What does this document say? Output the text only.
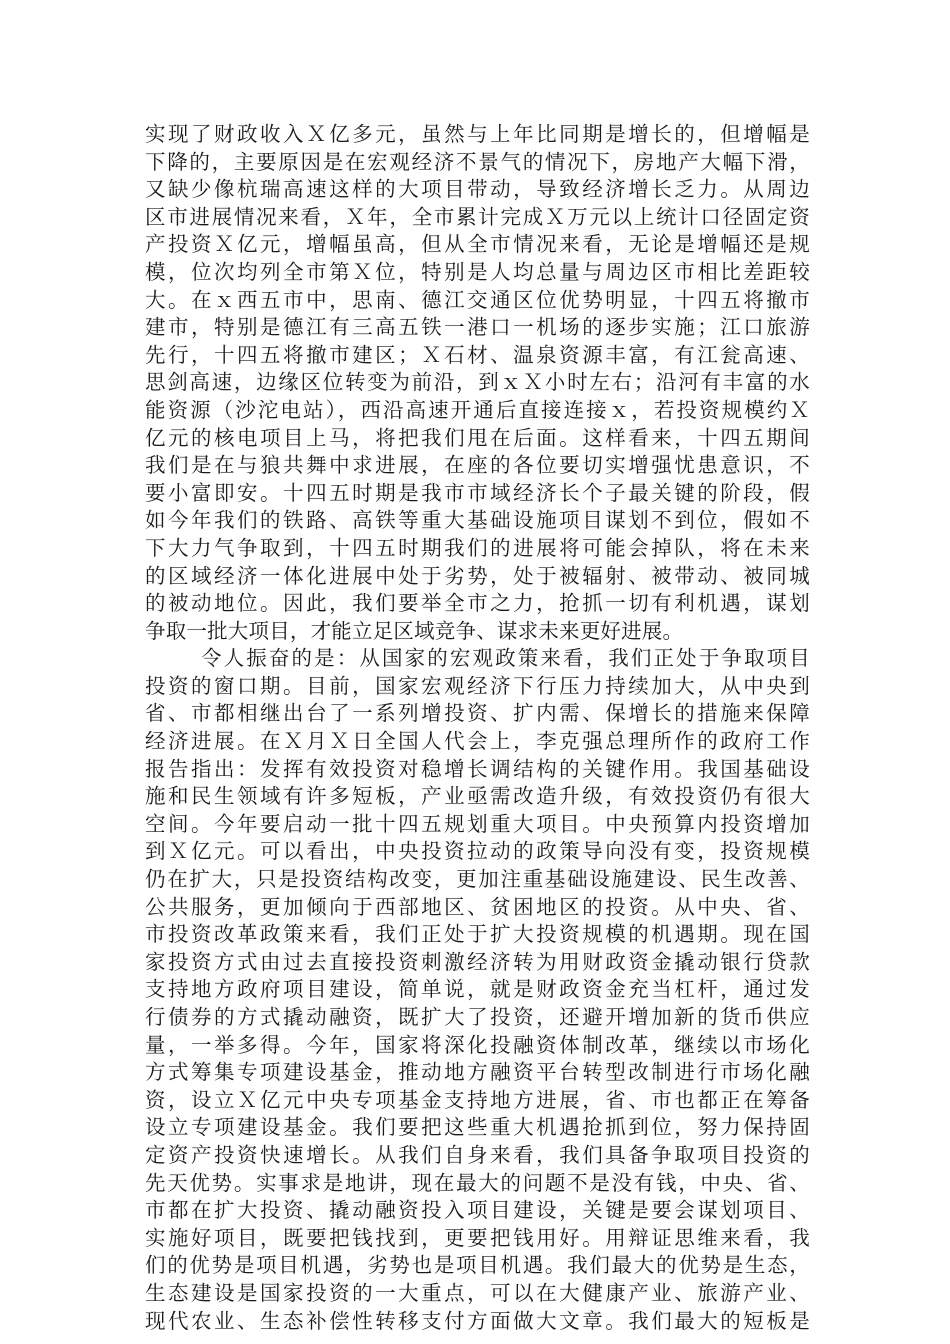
实现了财政收入Ｘ亿多元，虽然与上年比同期是增长的，但增幅是
下降的，主要原因是在宏观经济不景气的情况下，房地产大幅下滑，
又缺少像杭瑞高速这样的大项目带动，导致经济增长乏力。从周边
区市进展情况来看，Ｘ年，全市累计完成Ｘ万元以上统计口径固定资
产投资Ｘ亿元，增幅虽高，但从全市情况来看，无论是增幅还是规
模，位次均列全市第Ｘ位，特别是人均总量与周边区市相比差距较
大。在ｘ西五市中，思南、德江交通区位优势明显，十四五将撤市
建市，特别是德江有三高五铁一港口一机场的逐步实施；江口旅游
先行，十四五将撤市建区；Ｘ石材、温泉资源丰富，有江瓮高速、
思剑高速，边缘区位转变为前沿，到ｘＸ小时左右；沿河有丰富的水
能资源（沙沱电站），西沿高速开通后直接连接ｘ，若投资规模约Ｘ
亿元的核电项目上马，将把我们甩在后面。这样看来，十四五期间
我们是在与狼共舞中求进展，在座的各位要切实增强忧患意识，不
要小富即安。十四五时期是我市市域经济长个子最关键的阶段，假
如今年我们的铁路、高铁等重大基础设施项目谋划不到位，假如不
下大力气争取到，十四五时期我们的进展将可能会掉队，将在未来
的区域经济一体化进展中处于劣势，处于被辐射、被带动、被同城
的被动地位。因此，我们要举全市之力，抢抓一切有利机遇，谋划
争取一批大项目，才能立足区域竞争、谋求未来更好进展。
令人振奋的是：从国家的宏观政策来看，我们正处于争取项目
投资的窗口期。目前，国家宏观经济下行压力持续加大，从中央到
省、市都相继出台了一系列增投资、扩内需、保增长的措施来保障
经济进展。在Ｘ月Ｘ日全国人代会上，李克强总理所作的政府工作
报告指出：发挥有效投资对稳增长调结构的关键作用。我国基础设
施和民生领域有许多短板，产业亟需改造升级，有效投资仍有很大
空间。今年要启动一批十四五规划重大项目。中央预算内投资增加
到Ｘ亿元。可以看出，中央投资拉动的政策导向没有变，投资规模
仍在扩大，只是投资结构改变，更加注重基础设施建设、民生改善、
公共服务，更加倾向于西部地区、贫困地区的投资。从中央、省、
市投资改革政策来看，我们正处于扩大投资规模的机遇期。现在国
家投资方式由过去直接投资刺激经济转为用财政资金撬动银行贷款
支持地方政府项目建设，简单说，就是财政资金充当杠杆，通过发
行债券的方式撬动融资，既扩大了投资，还避开增加新的货币供应
量，一举多得。今年，国家将深化投融资体制改革，继续以市场化
方式筹集专项建设基金，推动地方融资平台转型改制进行市场化融
资，设立Ｘ亿元中央专项基金支持地方进展，省、市也都正在筹备
设立专项建设基金。我们要把这些重大机遇抢抓到位，努力保持固
定资产投资快速增长。从我们自身来看，我们具备争取项目投资的
先天优势。实事求是地讲，现在最大的问题不是没有钱，中央、省、
市都在扩大投资、撬动融资投入项目建设，关键是要会谋划项目、
实施好项目，既要把钱找到，更要把钱用好。用辩证思维来看，我
们的优势是项目机遇，劣势也是项目机遇。我们最大的优势是生态，
生态建设是国家投资的一大重点，可以在大健康产业、旅游产业、
现代农业、生态补偿性转移支付方面做大文章。我们最大的短板是
